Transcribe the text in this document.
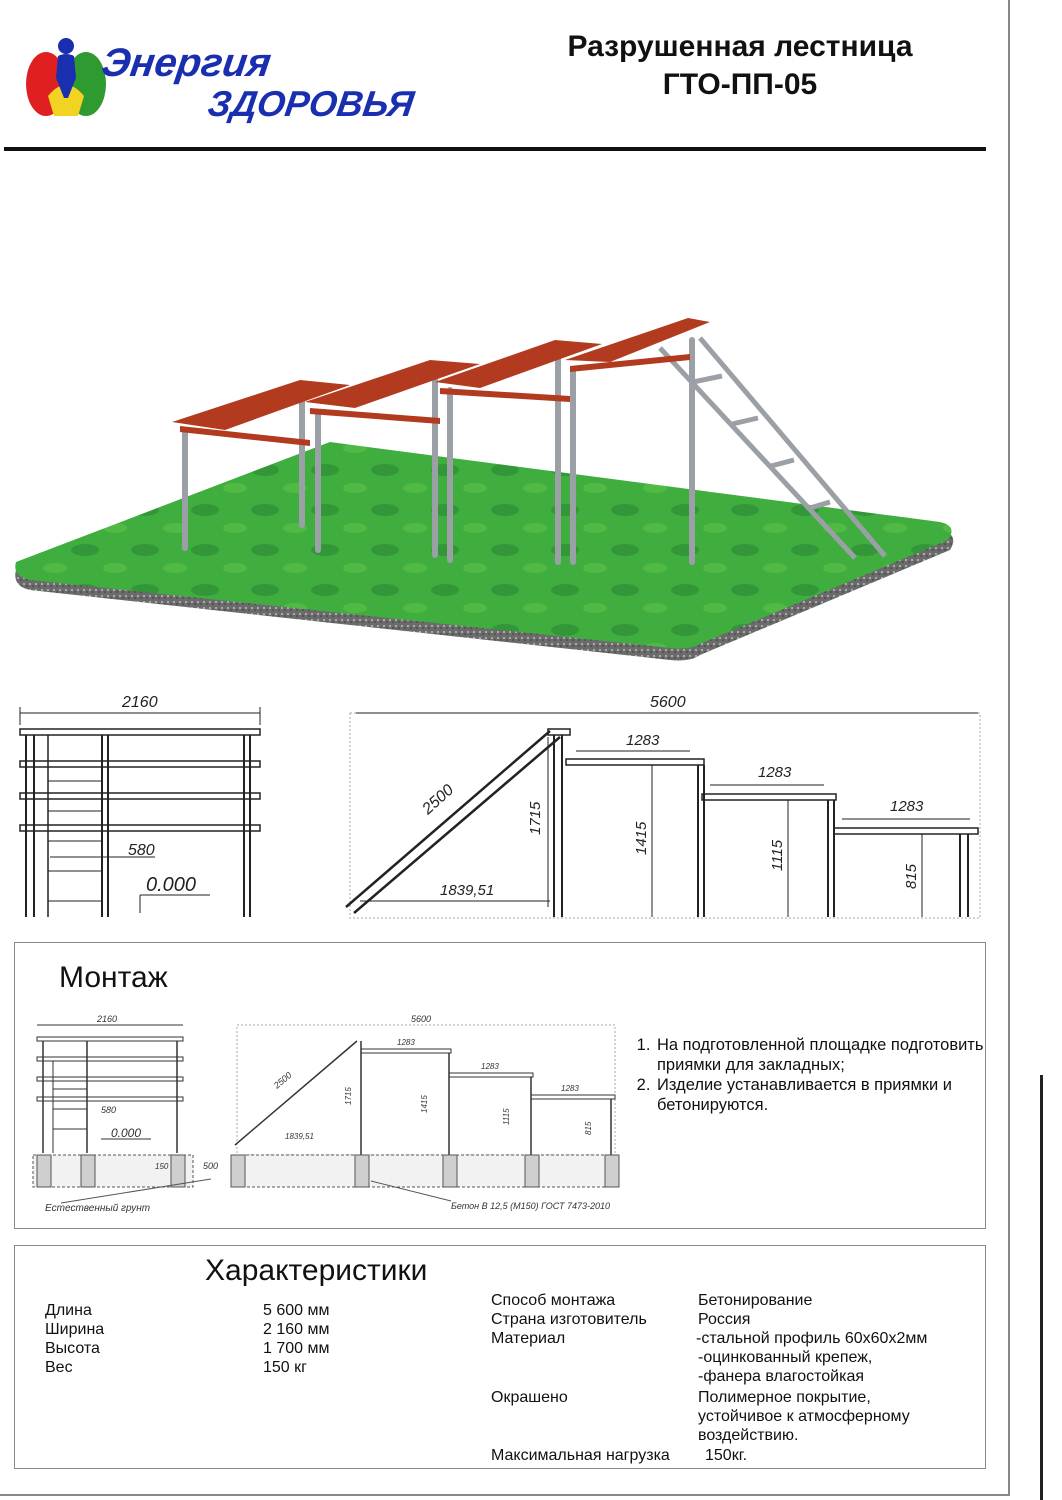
Энергия
ЗДОРОВЬЯ
Разрушенная лестница
ГТО-ПП-05
2160
580
0.000
5600
2500
1715
1839,51
1283
1283
1283
1415
1115
815
Монтаж
2160	5600
2500
1715
1839,51
1283
1283
1283
1415
1115
815
580
0.000
150	500
Естественный грунт	Бетон В 12,5 (М150) ГОСТ 7473-2010
1. На подготовленной площадке подготовить приямки для закладных;
2. Изделие устанавливается в приямки и бетонируются.
Характеристики
Длина	5 600 мм
Ширина	2 160 мм
Высота	1 700 мм
Вес	150 кг
Способ монтажа	Бетонирование
Страна изготовитель	Россия
Материал	-стальной профиль 60х60х2мм
-оцинкованный крепеж,
-фанера влагостойкая
Окрашено	Полимерное покрытие,
устойчивое к атмосферному
воздействию.
Максимальная нагрузка 150кг.
